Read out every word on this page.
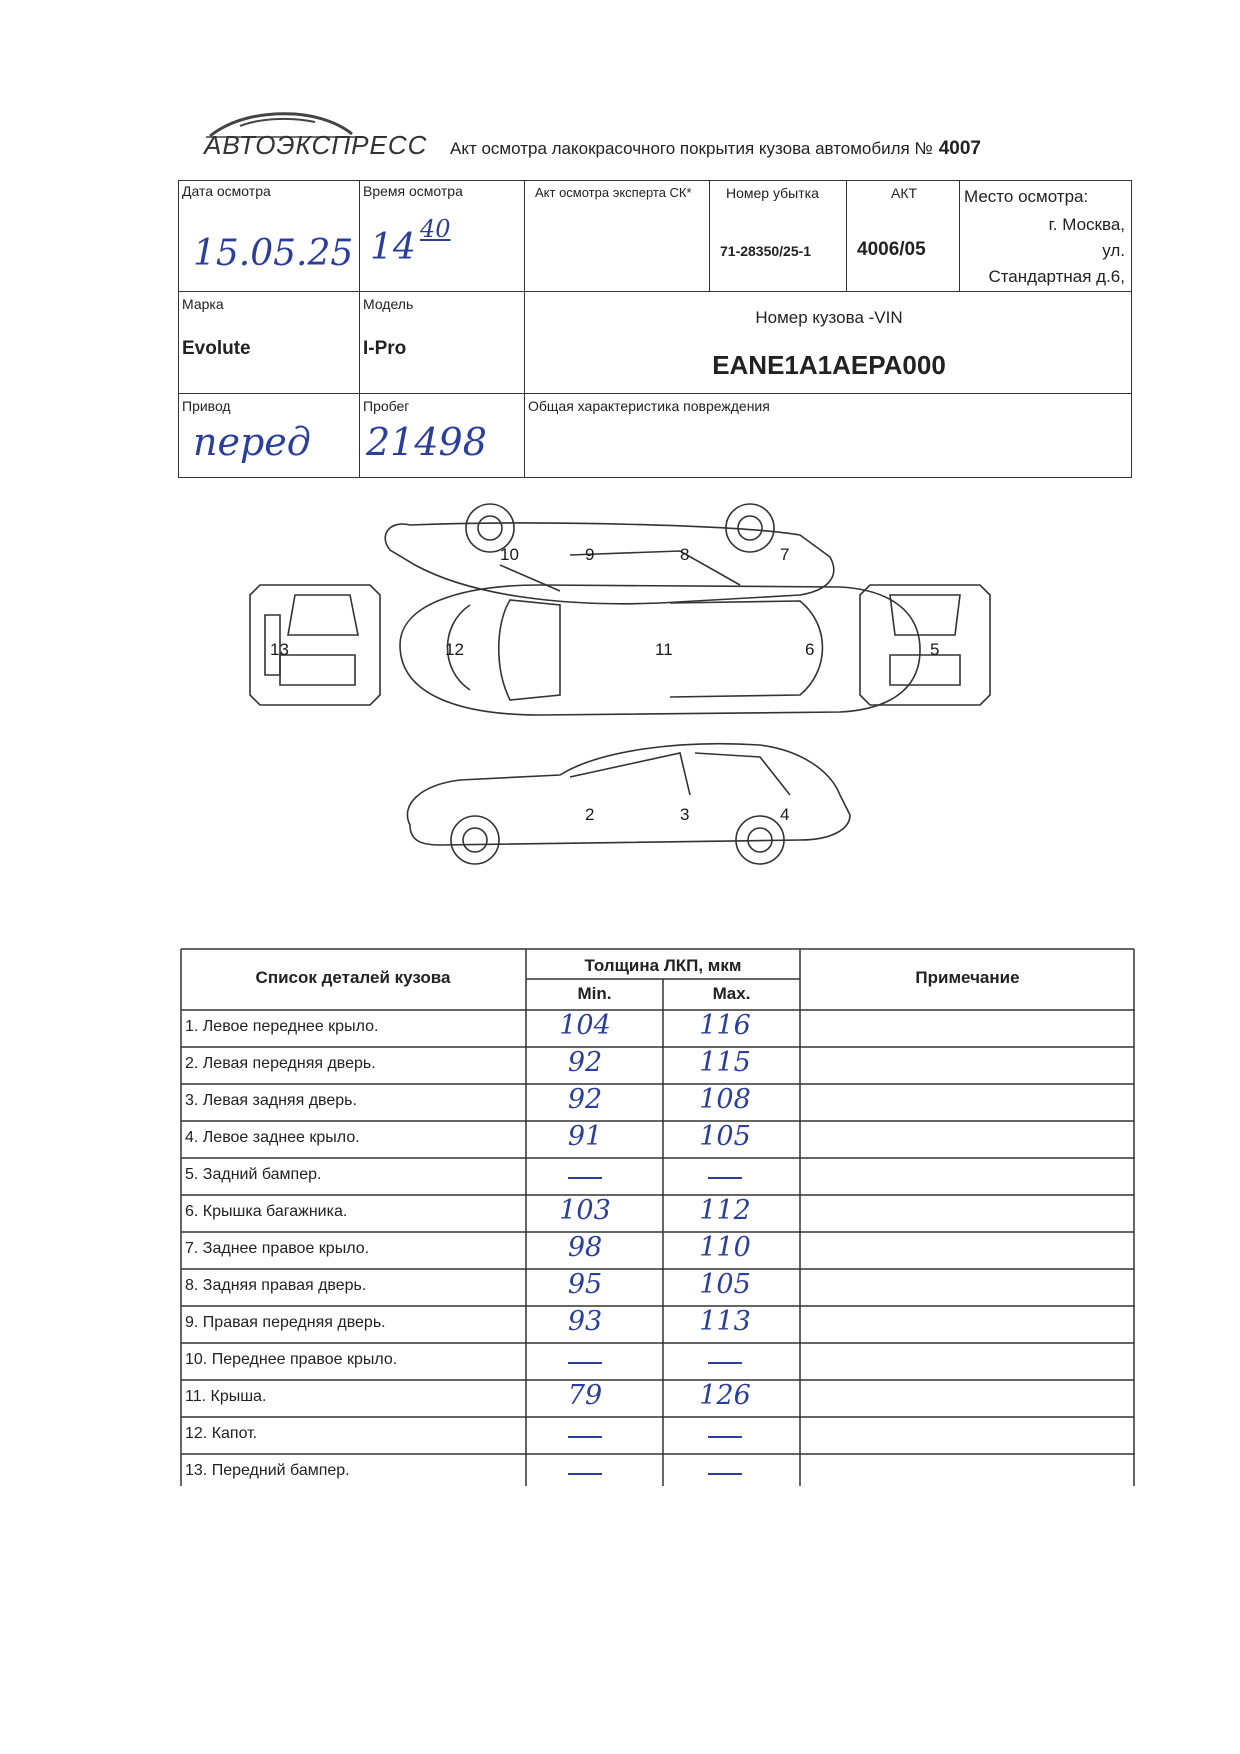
АВТОЭКСПРЕСС Акт осмотра лакокрасочного покрытия кузова автомобиля № 4007
Дата осмотра
15.05.25
Время осмотра
14 40
Акт осмотра эксперта СК* Номер убытка
71-28350/25-1
АКТ
4006/05
Место осмотра:
г. Москва,
ул.
Стандартная д.6,
Марка
Evolute
Модель
I-Pro
Номер кузова -VIN
EANE1A1AEPA000
Привод
перед
Пробег
21498
Общая характеристика повреждения
10	9	8	7
13	12	11	6	5
2	3	4
Список деталей кузова
Толщина ЛКП, мкм
Min.	Max.
Примечание
1. Левое переднее крыло.	104	116
2. Левая передняя дверь.	92	115
3. Левая задняя дверь.	92	108
4. Левое заднее крыло.	91	105
5. Задний бампер.
6. Крышка багажника.	103	112
7. Заднее правое крыло.	98	110
8. Задняя правая дверь.	95	105
9. Правая передняя дверь.	93	113
10. Переднее правое крыло.
11. Крыша.	79	126
12. Капот.
13. Передний бампер.
